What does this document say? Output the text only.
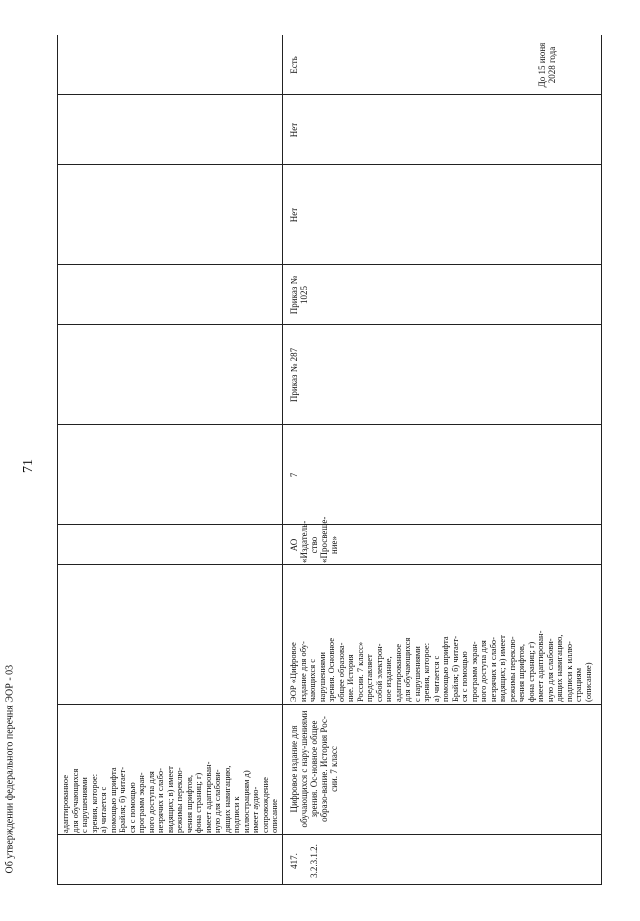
71
Об утверждении федерального перечня ЭОР - 03	адаптированное для обучающихся с нарушениями зрения, которое: а) читается с помощью шрифта Брайля; б) читает- ся с помощью программ экран- ного доступа для незрячих и слабо- видящих; в) имеет режимы переклю- чения шрифтов, фона страниц; г) имеет адаптирован- ную для слабови- дящих навигацию, подписи к иллюстрациям д) имеет аудио- сопровождение описание
417. 3.2.3.1.2.
Цифровое издание для обучающихся с нару-шениями зрения. Ос-новное общее образо-вание. История Рос-сии. 7 класс
ЭОР «Цифровое издание для обу- чающихся с нарушениями зрения. Основное общее образова- ние. История России. 7 класс» представляет собой электрон- ное издание, адаптированное для обучающихся с нарушениями зрения, которое: а) читается с помощью шрифта Брайля; б) читает- ся с помощью программ экран- ного доступа для незрячих и слабо- видящих; в) имеет режимы переклю- чения шрифтов, фона страниц; г) имеет адаптирован- ную для слабови- дящих навигацию, подписи к иллю- страциям (описание)
АО «Издатель-ство «Просвеще-ние»
7
Приказ № 287
Приказ № 1025
Нет
Нет
Есть	До 15 июня 2028 года
